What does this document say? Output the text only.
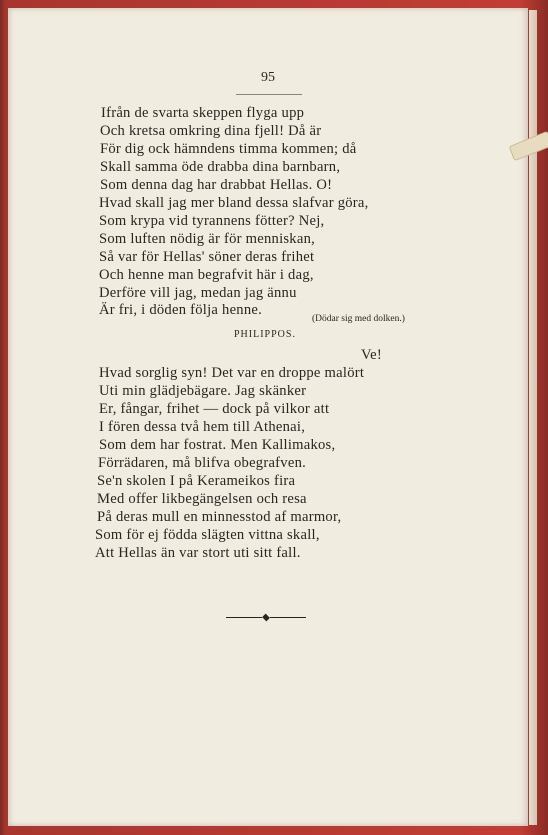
95
Ifrån de svarta skeppen flyga upp
Och kretsa omkring dina fjell! Då är
För dig ock hämndens timma kommen; då
Skall samma öde drabba dina barnbarn,
Som denna dag har drabbat Hellas. O!
Hvad skall jag mer bland dessa slafvar göra,
Som krypa vid tyrannens fötter? Nej,
Som luften nödig är för menniskan,
Så var för Hellas' söner deras frihet
Och henne man begrafvit här i dag,
Derföre vill jag, medan jag ännu
Är fri, i döden följa henne.
(Dödar sig med dolken.)
PHILIPPOS.
Ve!
Hvad sorglig syn! Det var en droppe malört
Uti min glädjebägare. Jag skänker
Er, fångar, frihet — dock på vilkor att
I fören dessa två hem till Athenai,
Som dem har fostrat. Men Kallimakos,
Förrädaren, må blifva obegrafven.
Se'n skolen I på Kerameikos fira
Med offer likbegängelsen och resa
På deras mull en minnesstod af marmor,
Som för ej födda slägten vittna skall,
Att Hellas än var stort uti sitt fall.
